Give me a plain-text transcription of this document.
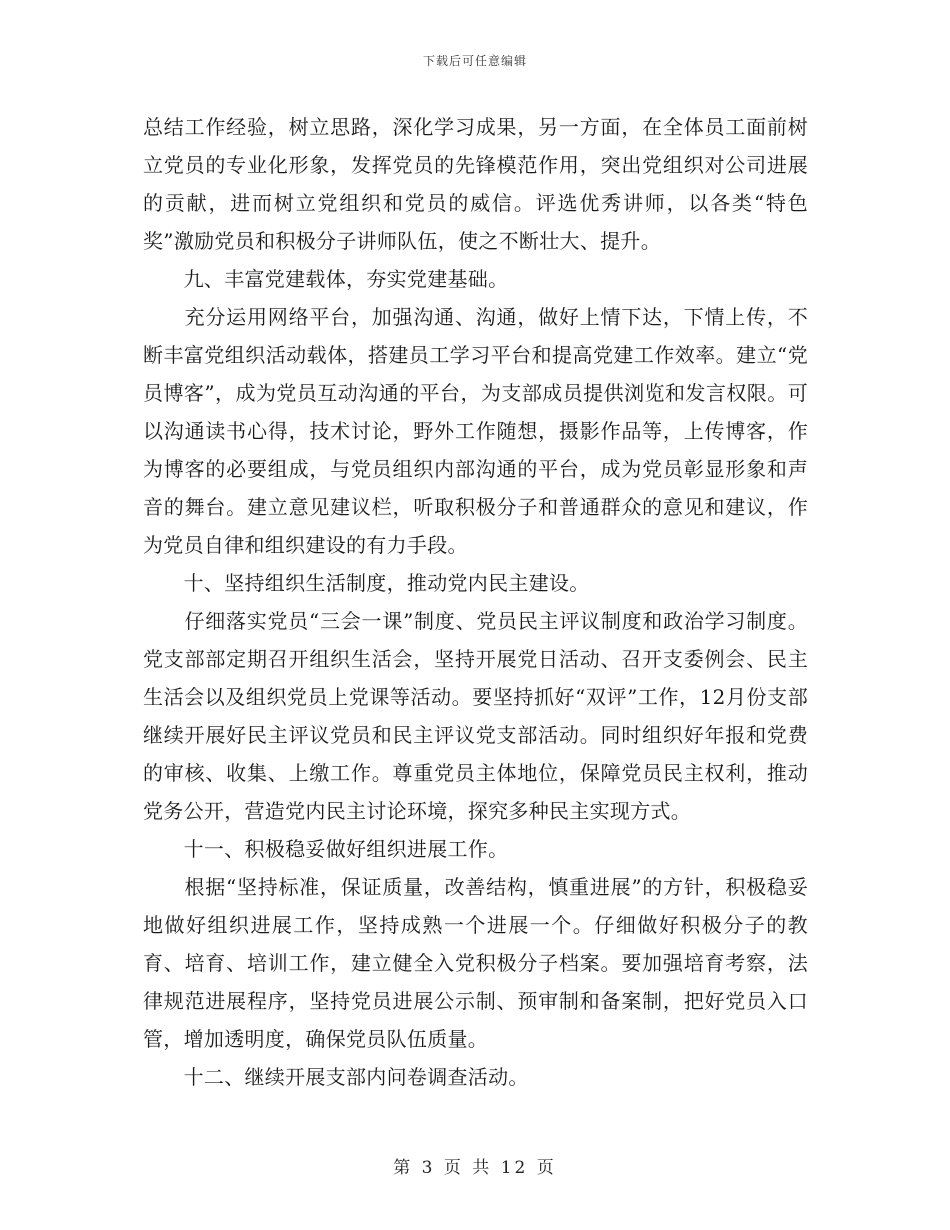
下载后可任意编辑

总结工作经验，树立思路，深化学习成果，另一方面，在全体员工面前树立党员的专业化形象，发挥党员的先锋模范作用，突出党组织对公司进展的贡献，进而树立党组织和党员的威信。评选优秀讲师，以各类“特色奖”激励党员和积极分子讲师队伍，使之不断壮大、提升。

　　九、丰富党建载体，夯实党建基础。

　　充分运用网络平台，加强沟通、沟通，做好上情下达，下情上传，不断丰富党组织活动载体，搭建员工学习平台和提高党建工作效率。建立“党员博客”，成为党员互动沟通的平台，为支部成员提供浏览和发言权限。可以沟通读书心得，技术讨论，野外工作随想，摄影作品等，上传博客，作为博客的必要组成，与党员组织内部沟通的平台，成为党员彰显形象和声音的舞台。建立意见建议栏，听取积极分子和普通群众的意见和建议，作为党员自律和组织建设的有力手段。

　　十、坚持组织生活制度，推动党内民主建设。

　　仔细落实党员“三会一课”制度、党员民主评议制度和政治学习制度。党支部部定期召开组织生活会，坚持开展党日活动、召开支委例会、民主生活会以及组织党员上党课等活动。要坚持抓好“双评”工作，12月份支部继续开展好民主评议党员和民主评议党支部活动。同时组织好年报和党费的审核、收集、上缴工作。尊重党员主体地位，保障党员民主权利，推动党务公开，营造党内民主讨论环境，探究多种民主实现方式。

　　十一、积极稳妥做好组织进展工作。

　　根据“坚持标准，保证质量，改善结构，慎重进展”的方针，积极稳妥地做好组织进展工作，坚持成熟一个进展一个。仔细做好积极分子的教育、培育、培训工作，建立健全入党积极分子档案。要加强培育考察，法律规范进展程序，坚持党员进展公示制、预审制和备案制，把好党员入口管，增加透明度，确保党员队伍质量。

　　十二、继续开展支部内问卷调查活动。

第 3 页 共 12 页
